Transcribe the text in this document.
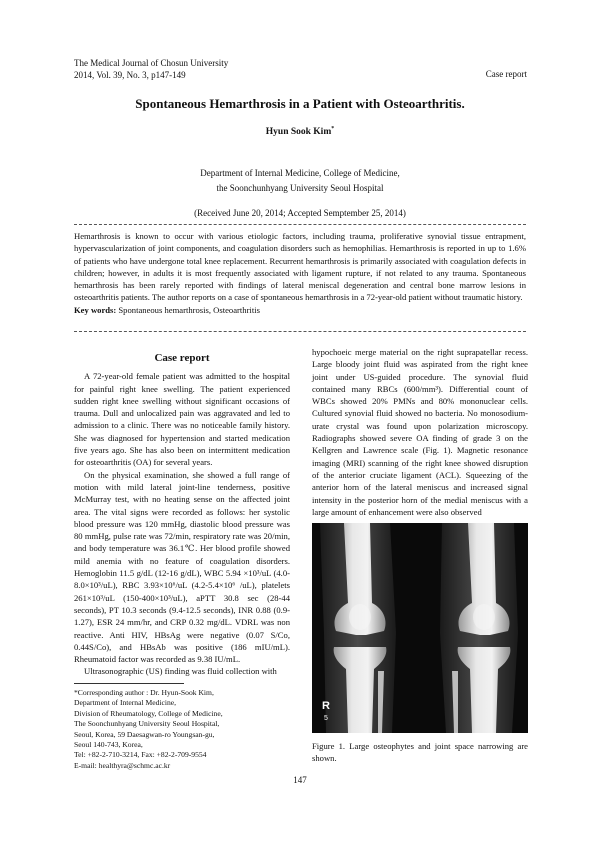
The Medical Journal of Chosun University
2014, Vol. 39, No. 3, p147-149	Case report
Spontaneous Hemarthrosis in a Patient with Osteoarthritis.
Hyun Sook Kim*
Department of Internal Medicine, College of Medicine,
the Soonchunhyang University Seoul Hospital
(Received June 20, 2014; Accepted Semptember 25, 2014)

Hemarthrosis is known to occur with various etiologic factors, including trauma, proliferative synovial tissue entrapment, hypervascularization of joint components, and coagulation disorders such as hemophilias. Hemarthrosis is reported in up to 1.6% of patients who have undergone total knee replacement. Recurrent hemarthrosis is primarily associated with coagulation defects in children; however, in adults it is most frequently associated with ligament rupture, if not related to any trauma. Spontaneous hemarthrosis has been rarely reported with findings of lateral meniscal degeneration and central bone marrow lesions in osteoarthritis patients. The author reports on a case of spontaneous hemarthrosis in a 72-year-old patient without traumatic history.

Key words: Spontaneous hemarthrosis, Osteoarthritis

Case report

A 72-year-old female patient was admitted to the hospital for painful right knee swelling. The patient experienced sudden right knee swelling without significant occasions of trauma. Dull and unlocalized pain was aggravated and led to admission to a clinic. There was no noticeable family history. She was diagnosed for hypertension and started medication five years ago. She has also been on intermittent medication for osteoarthritis (OA) for several years.

On the physical examination, she showed a full range of motion with mild lateral joint-line tenderness, positive McMurray test, with no heating sense on the affected joint area. The vital signs were recorded as follows: her systolic blood pressure was 120 mmHg, diastolic blood pressure was 80 mmHg, pulse rate was 72/min, respiratory rate was 20/min, and body temperature was 36.1℃. Her blood profile showed mild anemia with no feature of coagulation disorders. Hemoglobin 11.5 g/dL (12-16 g/dL), WBC 5.94 ×10³/uL (4.0-8.0×10³/uL), RBC 3.93×10⁶/uL (4.2-5.4×10⁶ /uL), platelets 261×10³/uL (150-400×10³/uL), aPTT 30.8 sec (28-44 seconds), PT 10.3 seconds (9.4-12.5 seconds), INR 0.88 (0.9-1.27), ESR 24 mm/hr, and CRP 0.32 mg/dL. VDRL was non reactive. Anti HIV, HBsAg were negative (0.07 S/Co, 0.44S/Co), and HBsAb was positive (186 mIU/mL). Rheumatoid factor was recorded as 9.38 IU/mL.

Ultrasonographic (US) finding was fluid collection with

*Corresponding author : Dr. Hyun-Sook Kim,
Department of Internal Medicine,
Division of Rheumatology, College of Medicine,
The Soonchunhyang University Seoul Hospital,
Seoul, Korea, 59 Daesagwan-ro Youngsan-gu,
Seoul 140-743, Korea,
Tel: +82-2-710-3214, Fax: +82-2-709-9554
E-mail: healthyra@schmc.ac.kr

hypochoeic merge material on the right suprapatellar recess. Large bloody joint fluid was aspirated from the right knee joint under US-guided procedure. The synovial fluid contained many RBCs (600/mm³). Differential count of WBCs showed 20% PMNs and 80% mononuclear cells. Cultured synovial fluid showed no bacteria. No monosodium-urate crystal was found upon polarization microscopy. Radiographs showed severe OA finding of grade 3 on the Kellgren and Lawrence scale (Fig. 1). Magnetic resonance imaging (MRI) scanning of the right knee showed disruption of the anterior cruciate ligament (ACL). Squeezing of the anterior horn of the lateral meniscus and increased signal intensity in the posterior horn of the medial meniscus with a large amount of enhancement were also observed

R
5
Figure 1. Large osteophytes and joint space narrowing are shown.
147
